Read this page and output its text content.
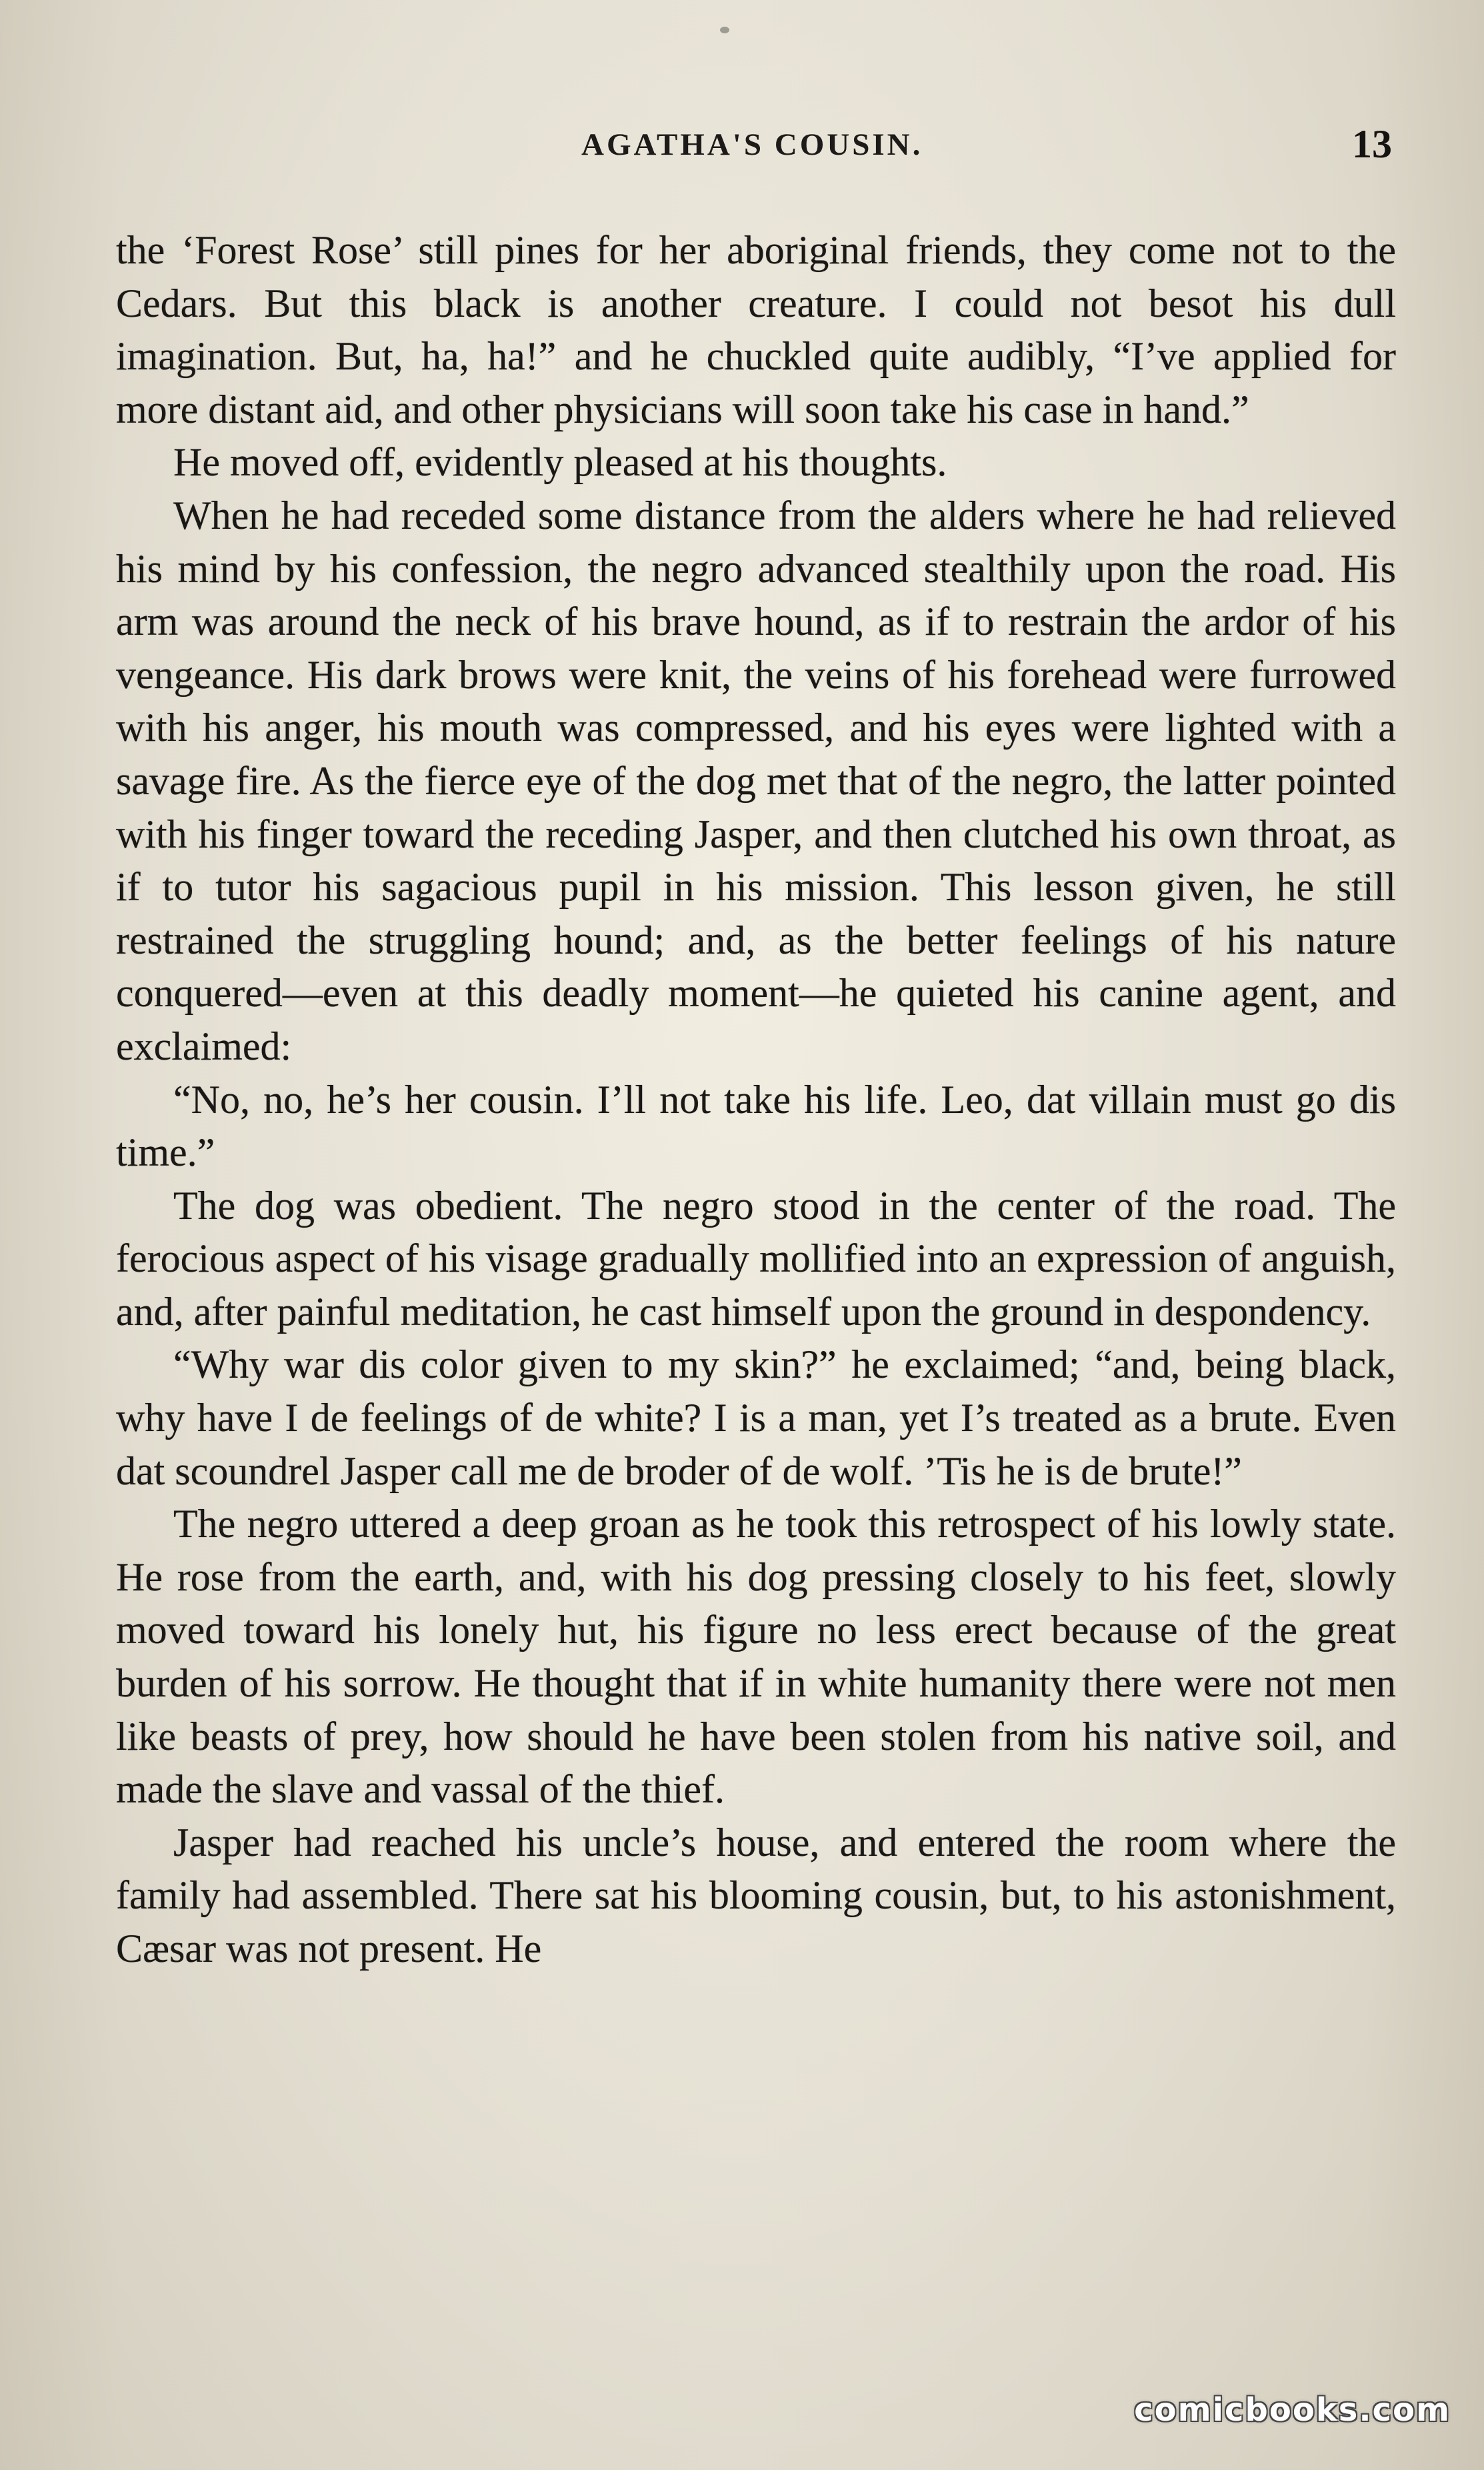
AGATHA'S COUSIN.	13

the ‘Forest Rose’ still pines for her aboriginal friends, they come not to the Cedars. But this black is another creature. I could not besot his dull imagination. But, ha, ha!” and he chuckled quite audibly, “I’ve applied for more distant aid, and other physicians will soon take his case in hand.”

He moved off, evidently pleased at his thoughts.

When he had receded some distance from the alders where he had relieved his mind by his confession, the negro advanced stealthily upon the road. His arm was around the neck of his brave hound, as if to restrain the ardor of his vengeance. His dark brows were knit, the veins of his forehead were furrowed with his anger, his mouth was compressed, and his eyes were lighted with a savage fire. As the fierce eye of the dog met that of the negro, the latter pointed with his finger toward the receding Jasper, and then clutched his own throat, as if to tutor his sagacious pupil in his mission. This lesson given, he still restrained the struggling hound; and, as the better feelings of his nature conquered—even at this deadly moment—he quieted his canine agent, and exclaimed:

“No, no, he’s her cousin. I’ll not take his life. Leo, dat villain must go dis time.”

The dog was obedient. The negro stood in the center of the road. The ferocious aspect of his visage gradually mollified into an expression of anguish, and, after painful meditation, he cast himself upon the ground in despondency.

“Why war dis color given to my skin?” he exclaimed; “and, being black, why have I de feelings of de white? I is a man, yet I’s treated as a brute. Even dat scoundrel Jasper call me de broder of de wolf. ’Tis he is de brute!”

The negro uttered a deep groan as he took this retrospect of his lowly state. He rose from the earth, and, with his dog pressing closely to his feet, slowly moved toward his lonely hut, his figure no less erect because of the great burden of his sorrow. He thought that if in white humanity there were not men like beasts of prey, how should he have been stolen from his native soil, and made the slave and vassal of the thief.

Jasper had reached his uncle’s house, and entered the room where the family had assembled. There sat his blooming cousin, but, to his astonishment, Cæsar was not present. He

comicbooks.com
